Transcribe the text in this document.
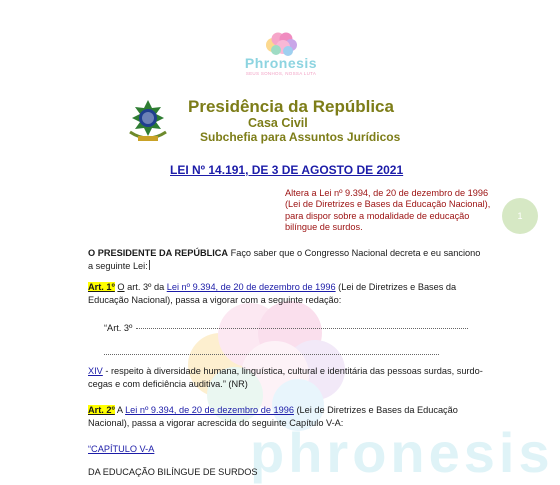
phronesis
Phronesis
SEUS SONHOS, NOSSA LUTA
Presidência da República
Casa Civil
Subchefia para Assuntos Jurídicos
LEI Nº 14.191, DE 3 DE AGOSTO DE 2021
Altera a Lei nº 9.394, de 20 de dezembro de 1996 (Lei de Diretrizes e Bases da Educação Nacional), para dispor sobre a modalidade de educação bilíngue de surdos.
1
O PRESIDENTE DA REPÚBLICA Faço saber que o Congresso Nacional decreta e eu sanciono a seguinte Lei:
Art. 1º O art. 3º da Lei nº 9.394, de 20 de dezembro de 1996 (Lei de Diretrizes e Bases da Educação Nacional), passa a vigorar com a seguinte redação:
“Art. 3º
XIV - respeito à diversidade humana, linguística, cultural e identitária das pessoas surdas, surdo-cegas e com deficiência auditiva.” (NR)
Art. 2º A Lei nº 9.394, de 20 de dezembro de 1996 (Lei de Diretrizes e Bases da Educação Nacional), passa a vigorar acrescida do seguinte Capítulo V-A:
“CAPÍTULO V-A
DA EDUCAÇÃO BILÍNGUE DE SURDOS
